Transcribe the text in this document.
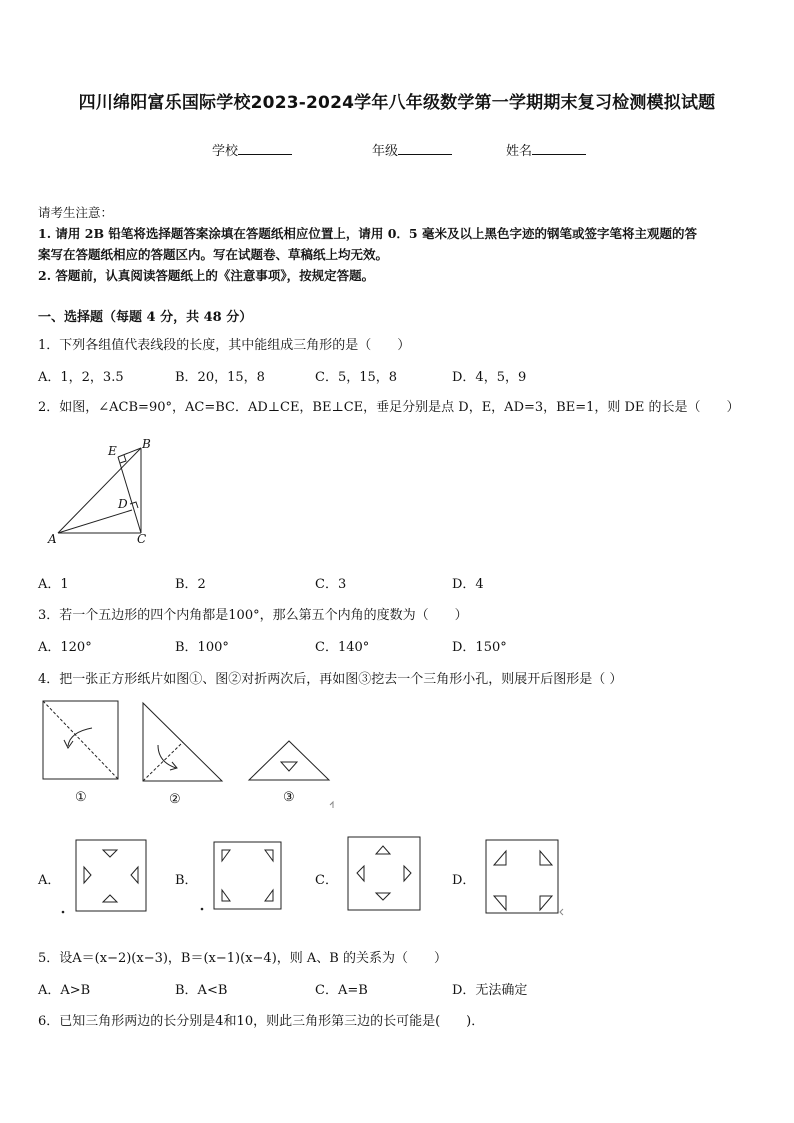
四川绵阳富乐国际学校2023-2024学年八年级数学第一学期期末复习检测模拟试题
学校	年级	姓名
请考生注意：
1. 请用 2B 铅笔将选择题答案涂填在答题纸相应位置上，请用 0．5 毫米及以上黑色字迹的钢笔或签字笔将主观题的答
案写在答题纸相应的答题区内。写在试题卷、草稿纸上均无效。
2. 答题前，认真阅读答题纸上的《注意事项》，按规定答题。
一、选择题（每题 4 分，共 48 分）
1．下列各组值代表线段的长度，其中能组成三角形的是（　　）
A．1，2，3.5	B．20，15，8	C．5，15，8	D．4，5，9
2．如图，∠ACB=90°，AC=BC．AD⊥CE，BE⊥CE，垂足分别是点 D，E，AD=3，BE=1，则 DE 的长是（　　）
A
B
C
D
E
A．1	B．2	C．3	D．4
3．若一个五边形的四个内角都是100°，那么第五个内角的度数为（　　）
A．120°	B．100°	C．140°	D．150°
4．把一张正方形纸片如图①、图②对折两次后，再如图③挖去一个三角形小孔，则展开后图形是（ ）
①	②	③
A．	B．	C．	D．
5．设A＝(x−2)(x−3)，B＝(x−1)(x−4)，则 A、B 的关系为（　　）
A．A>B	B．A<B	C．A=B	D．无法确定
6．已知三角形两边的长分别是4和10，则此三角形第三边的长可能是(　　)．
